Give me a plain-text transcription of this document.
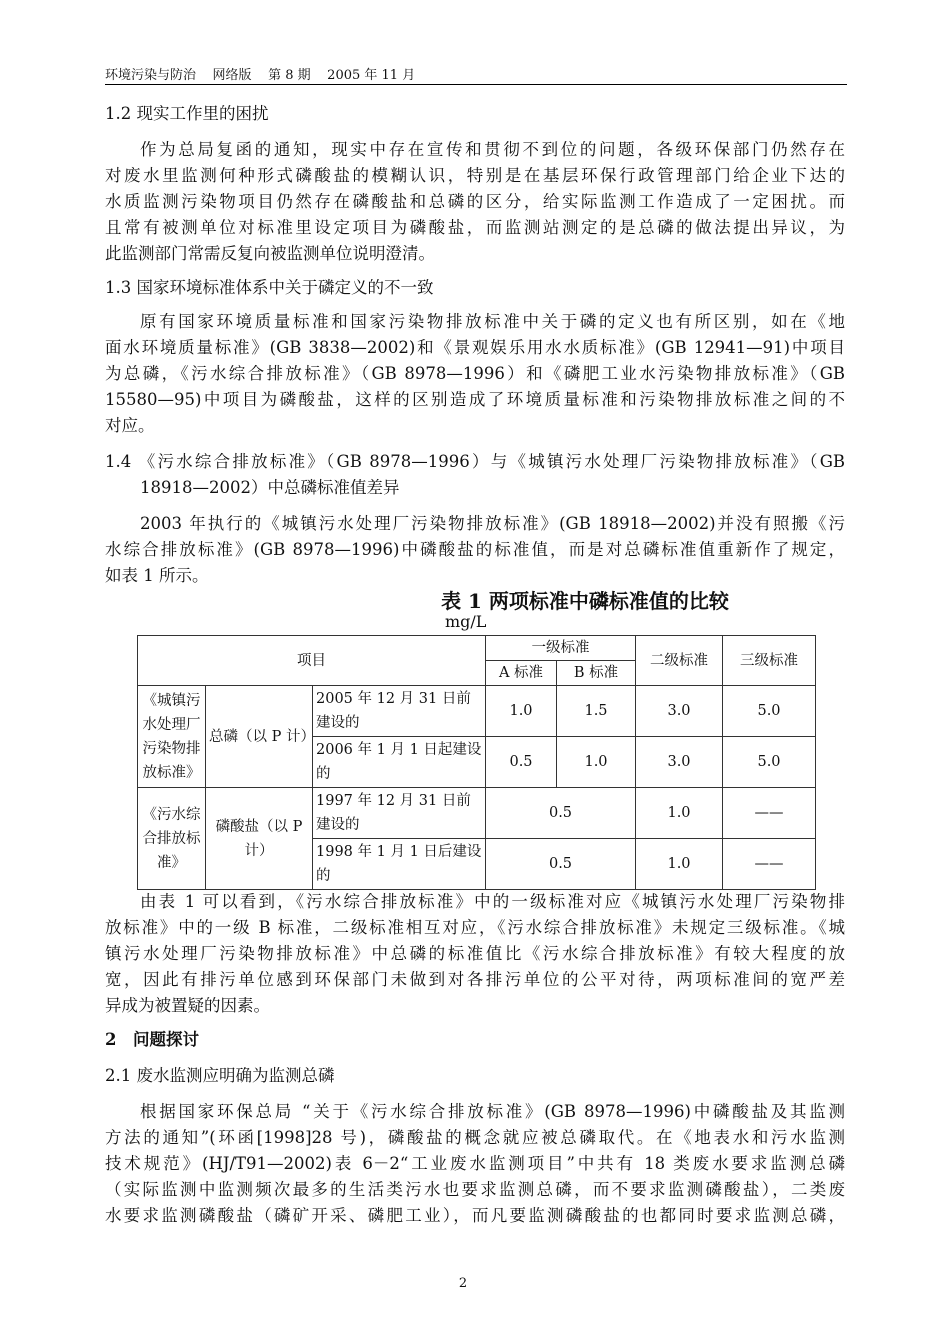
环境污染与防治 网络版 第 8 期 2005 年 11 月
1.2 现实工作里的困扰
作为总局复函的通知，现实中存在宣传和贯彻不到位的问题，各级环保部门仍然存在
对废水里监测何种形式磷酸盐的模糊认识，特别是在基层环保行政管理部门给企业下达的
水质监测污染物项目仍然存在磷酸盐和总磷的区分，给实际监测工作造成了一定困扰。而
且常有被测单位对标准里设定项目为磷酸盐，而监测站测定的是总磷的做法提出异议，为
此监测部门常需反复向被监测单位说明澄清。
1.3 国家环境标准体系中关于磷定义的不一致
原有国家环境质量标准和国家污染物排放标准中关于磷的定义也有所区别，如在《地
面水环境质量标准》(GB 3838—2002)和《景观娱乐用水水质标准》(GB 12941—91)中项目
为总磷，《污水综合排放标准》（GB 8978—1996）和《磷肥工业水污染物排放标准》（GB
15580—95)中项目为磷酸盐，这样的区别造成了环境质量标准和污染物排放标准之间的不
对应。
1.4 《污水综合排放标准》（GB 8978—1996）与《城镇污水处理厂污染物排放标准》（GB
18918—2002）中总磷标准值差异
2003 年执行的《城镇污水处理厂污染物排放标准》(GB 18918—2002)并没有照搬《污
水综合排放标准》(GB 8978—1996)中磷酸盐的标准值，而是对总磷标准值重新作了规定，
如表 1 所示。
由表 1 可以看到，《污水综合排放标准》中的一级标准对应《城镇污水处理厂污染物排
放标准》中的一级 B 标准，二级标准相互对应，《污水综合排放标准》未规定三级标准。《城
镇污水处理厂污染物排放标准》中总磷的标准值比《污水综合排放标准》有较大程度的放
宽，因此有排污单位感到环保部门未做到对各排污单位的公平对待，两项标准间的宽严差
异成为被置疑的因素。
2　问题探讨
2.1 废水监测应明确为监测总磷
根据国家环保总局 “关于《污水综合排放标准》(GB 8978—1996)中磷酸盐及其监测
方法的通知”(环函[1998]28 号)，磷酸盐的概念就应被总磷取代。在《地表水和污水监测
技术规范》(HJ/T91—2002)表 6－2“工业废水监测项目”中共有 18 类废水要求监测总磷
（实际监测中监测频次最多的生活类污水也要求监测总磷，而不要求监测磷酸盐），二类废
水要求监测磷酸盐（磷矿开采、磷肥工业），而凡要监测磷酸盐的也都同时要求监测总磷，
表 1 两项标准中磷标准值的比较
mg/L
项目			一级标准		二级标准	三级标准
			A 标准	B 标准		
《城镇污水处理厂污染物排放标准》	总磷（以 P 计）	2005 年 12 月 31 日前建设的	1.0	1.5	3.0	5.0
		2006 年 1 月 1 日起建设的	0.5	1.0	3.0	5.0
《污水综合排放标准》	磷酸盐（以 P 计）	1997 年 12 月 31 日前建设的	0.5		1.0	——
		1998 年 1 月 1 日后建设的	0.5		1.0	——
2
